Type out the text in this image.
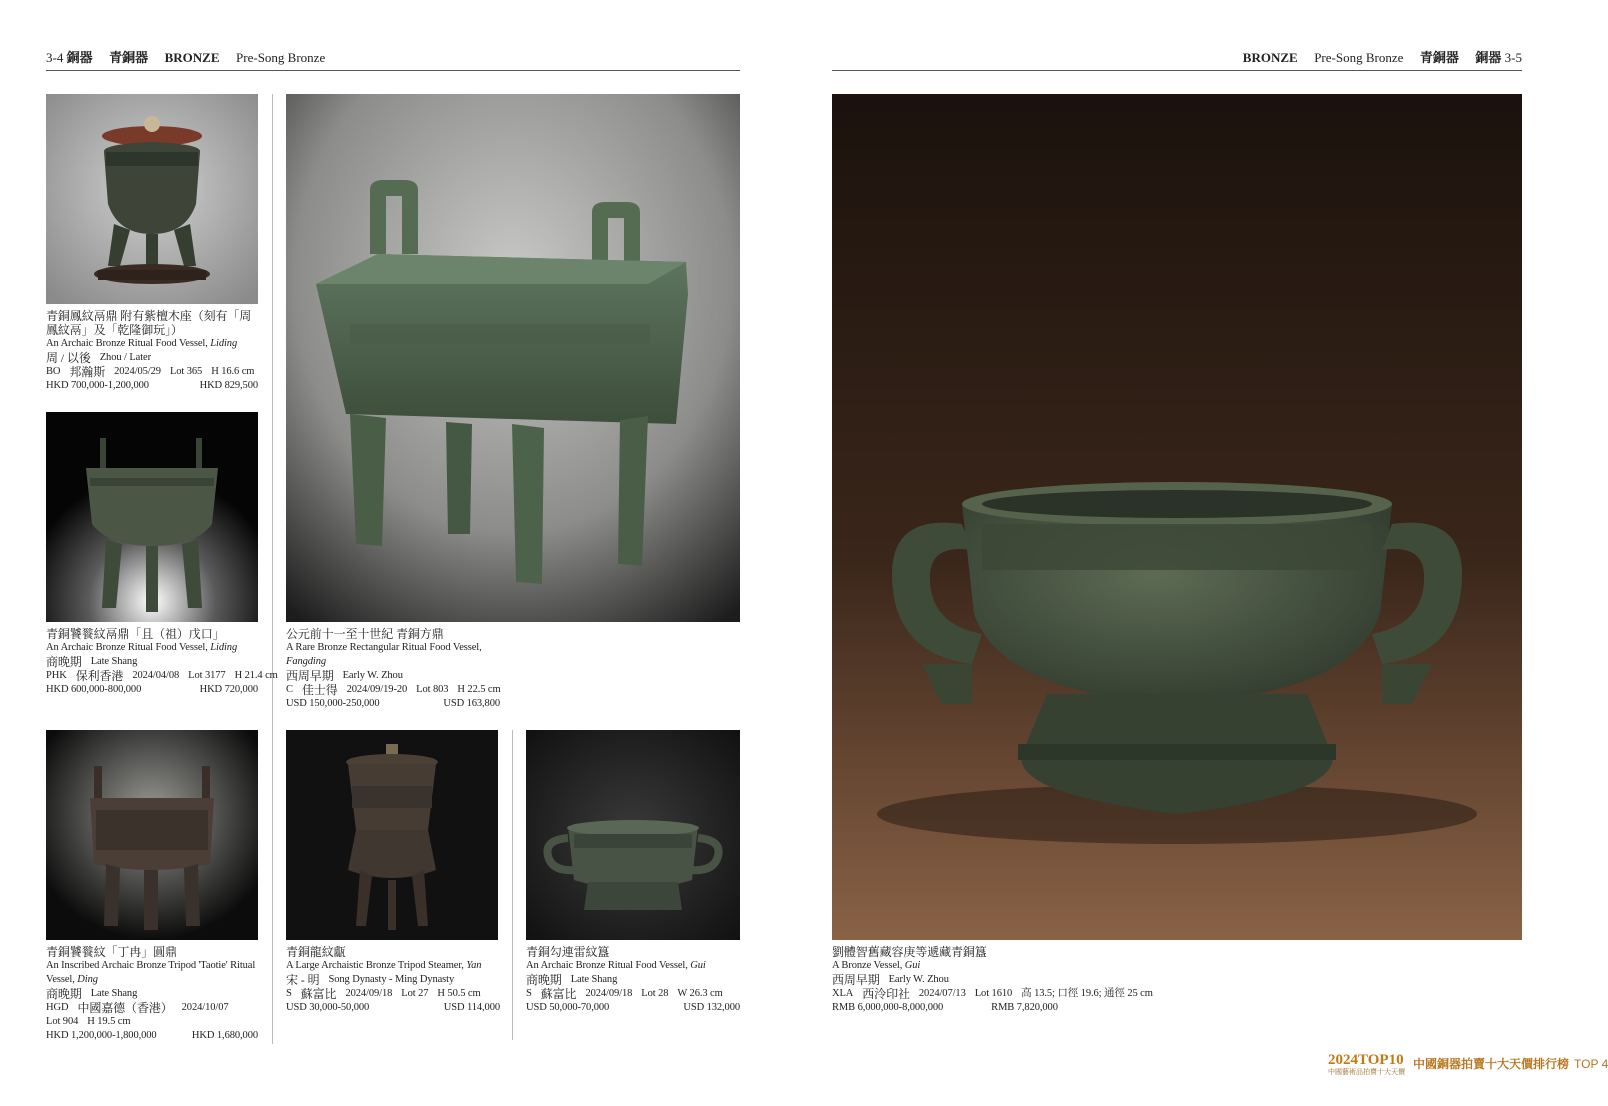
3-4 銅器 青銅器 BRONZE Pre-Song Bronze	BRONZE Pre-Song Bronze 青銅器 銅器 3-5
青銅鳳紋鬲鼎 附有紫檀木座（刻有「周鳳紋鬲」及「乾隆御玩」）
An Archaic Bronze Ritual Food Vessel, Liding
周 / 以後 Zhou / Later
BO 邦瀚斯 2024/05/29 Lot 365 H 16.6 cm
HKD 700,000-1,200,000	HKD 829,500
青銅饕餮紋鬲鼎「且（祖）戊口」
An Archaic Bronze Ritual Food Vessel, Liding
商晚期 Late Shang
PHK 保利香港 2024/04/08 Lot 3177 H 21.4 cm
HKD 600,000-800,000	HKD 720,000
青銅饕餮紋「丁冉」圓鼎
An Inscribed Archaic Bronze Tripod 'Taotie' Ritual Vessel, Ding
商晚期 Late Shang
HGD 中國嘉德（香港） 2024/10/07
Lot 904 H 19.5 cm
HKD 1,200,000-1,800,000	HKD 1,680,000
公元前十一至十世紀 青銅方鼎
A Rare Bronze Rectangular Ritual Food Vessel, Fangding
西周早期 Early W. Zhou
C 佳士得 2024/09/19-20 Lot 803 H 22.5 cm
USD 150,000-250,000	USD 163,800
青銅龍紋甗
A Large Archaistic Bronze Tripod Steamer, Yan
宋 - 明 Song Dynasty - Ming Dynasty
S 蘇富比 2024/09/18 Lot 27 H 50.5 cm
USD 30,000-50,000	USD 114,000
青銅勾連雷紋簋
An Archaic Bronze Ritual Food Vessel, Gui
商晚期 Late Shang
S 蘇富比 2024/09/18 Lot 28 W 26.3 cm
USD 50,000-70,000	USD 132,000
劉體智舊藏容庚等遞藏青銅簋
A Bronze Vessel, Gui
西周早期 Early W. Zhou
XLA 西泠印社 2024/07/13 Lot 1610 高 13.5; 口徑 19.6; 通徑 25 cm
RMB 6,000,000-8,000,000	RMB 7,820,000
2024TOP10
中國藝術品拍賣十大天價
中國銅器拍賣十大天價排行榜 TOP 4
